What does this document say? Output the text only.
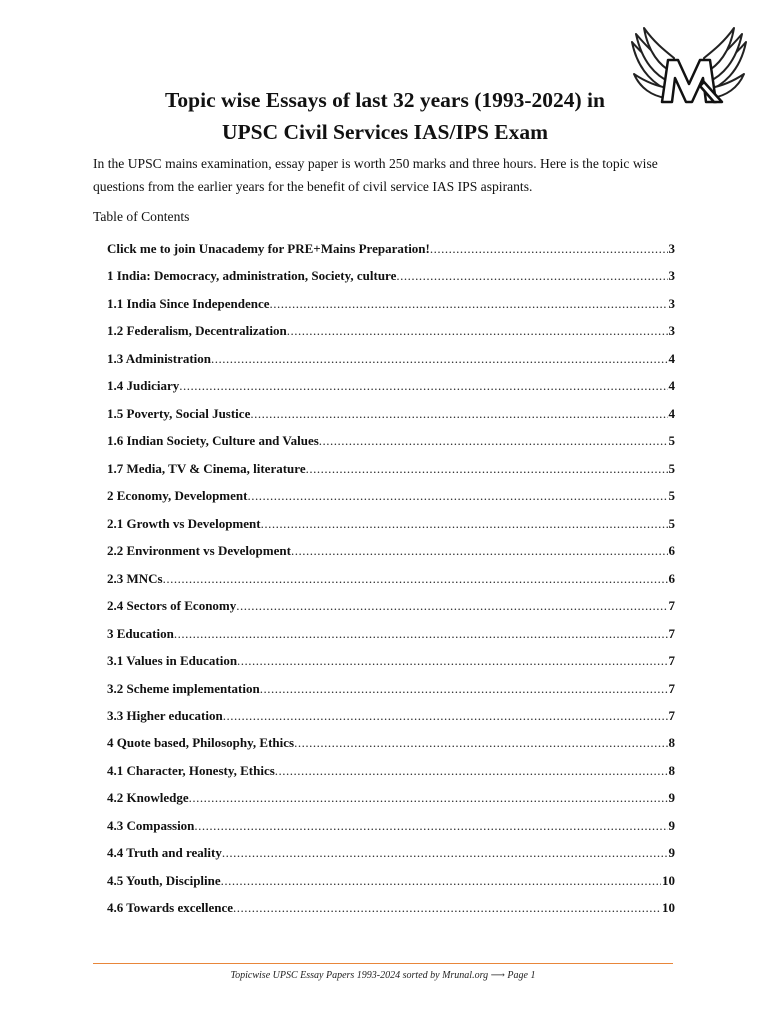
Topic wise Essays of last 32 years (1993-2024) in
UPSC Civil Services IAS/IPS Exam

In the UPSC mains examination, essay paper is worth 250 marks and three hours. Here is the topic wise questions from the earlier years for the benefit of civil service IAS IPS aspirants.

Table of Contents

Click me to join Unacademy for PRE+Mains Preparation! .....	3
1 India: Democracy, administration, Society, culture .....	3
1.1 India Since Independence .....	3
1.2 Federalism, Decentralization .....	3
1.3 Administration .....	4
1.4 Judiciary .....	4
1.5 Poverty, Social Justice .....	4
1.6 Indian Society, Culture and Values .....	5
1.7 Media, TV & Cinema, literature .....	5
2 Economy, Development .....	5
2.1 Growth vs Development .....	5
2.2 Environment vs Development .....	6
2.3 MNCs .....	6
2.4 Sectors of Economy .....	7
3 Education .....	7
3.1 Values in Education .....	7
3.2 Scheme implementation .....	7
3.3 Higher education .....	7
4 Quote based, Philosophy, Ethics .....	8
4.1 Character, Honesty, Ethics .....	8
4.2 Knowledge .....	9
4.3 Compassion .....	9
4.4 Truth and reality .....	9
4.5 Youth, Discipline .....	10
4.6 Towards excellence .....	10

Topicwise UPSC Essay Papers 1993-2024 sorted by Mrunal.org ⟶ Page 1
